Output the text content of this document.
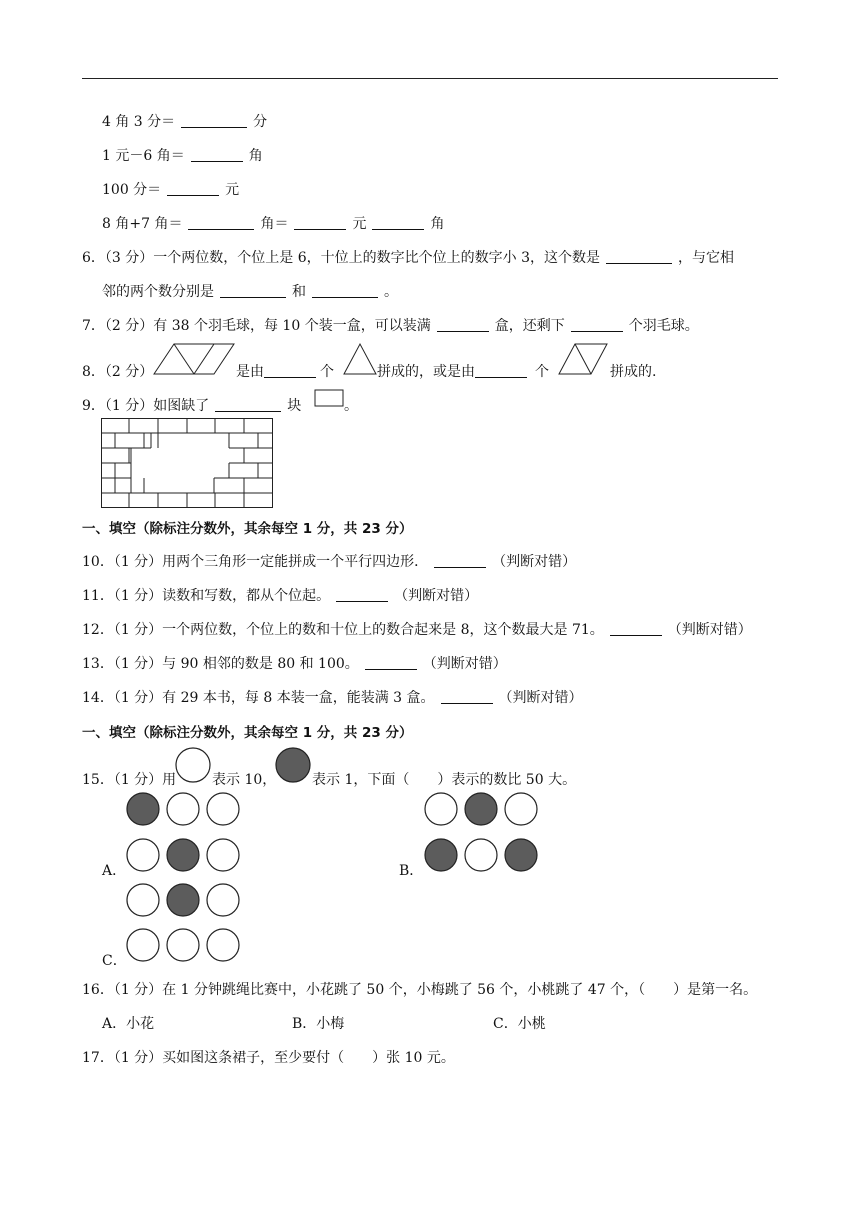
4 角 3 分＝	分
1 元－6 角＝	角
100 分＝	元
8 角+7 角＝	角＝	元	角
6．（3 分）一个两位数，个位上是 6，十位上的数字比个位上的数字小 3，这个数是	，与它相
邻的两个数分别是	和	。
7．（2 分）有 38 个羽毛球，每 10 个装一盒，可以装满	盒，还剩下	个羽毛球。
8．（2 分）	是由	个	拼成的，或是由	个	拼成的.
9．（1 分）如图缺了	块	。
一、填空（除标注分数外，其余每空 1 分，共 23 分）
10．（1 分）用两个三角形一定能拼成一个平行四边形．	（判断对错）
11．（1 分）读数和写数，都从个位起。	（判断对错）
12．（1 分）一个两位数，个位上的数和十位上的数合起来是 8，这个数最大是 71。	（判断对错）
13．（1 分）与 90 相邻的数是 80 和 100。	（判断对错）
14．（1 分）有 29 本书，每 8 本装一盒，能装满 3 盒。	（判断对错）
一、填空（除标注分数外，其余每空 1 分，共 23 分）
15．（1 分）用	表示 10，	表示 1，下面（　　）表示的数比 50 大。
A．	B．
C．
16．（1 分）在 1 分钟跳绳比赛中，小花跳了 50 个，小梅跳了 56 个，小桃跳了 47 个，（　　）是第一名。
A．小花	B．小梅	C．小桃
17．（1 分）买如图这条裙子，至少要付（　　）张 10 元。
